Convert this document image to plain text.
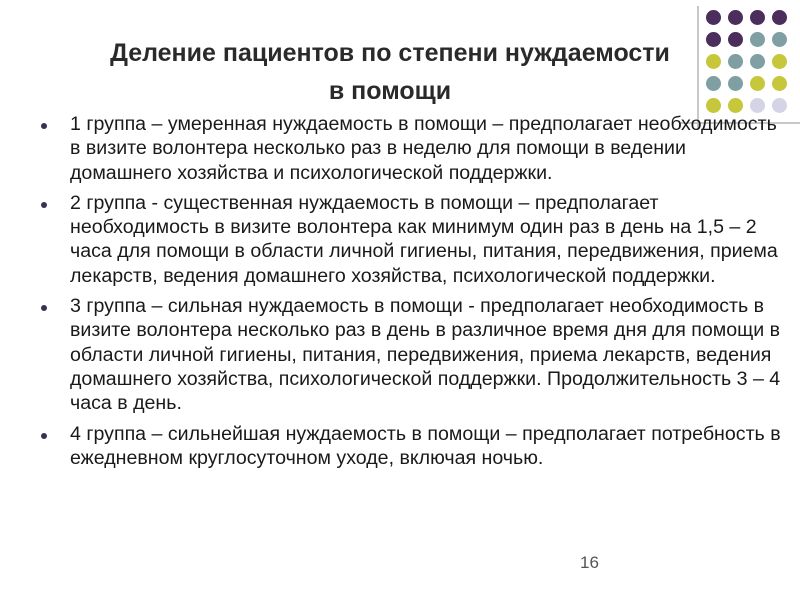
Деление пациентов по степени нуждаемости
в помощи
1 группа – умеренная нуждаемость в помощи – предполагает необходимость в визите волонтера несколько раз в неделю для помощи в ведении домашнего хозяйства и психологической поддержки.
2 группа - существенная нуждаемость в помощи – предполагает необходимость в визите волонтера как минимум один раз в день на 1,5 – 2 часа для помощи в области личной гигиены, питания, передвижения, приема лекарств, ведения домашнего хозяйства, психологической поддержки.
3 группа – сильная нуждаемость в помощи - предполагает необходимость в визите волонтера несколько раз в день в различное время дня для помощи в области личной гигиены, питания, передвижения, приема лекарств, ведения домашнего хозяйства, психологической поддержки. Продолжительность 3 – 4 часа в день.
4 группа – сильнейшая нуждаемость в помощи – предполагает потребность в ежедневном круглосуточном уходе, включая ночью.
16
